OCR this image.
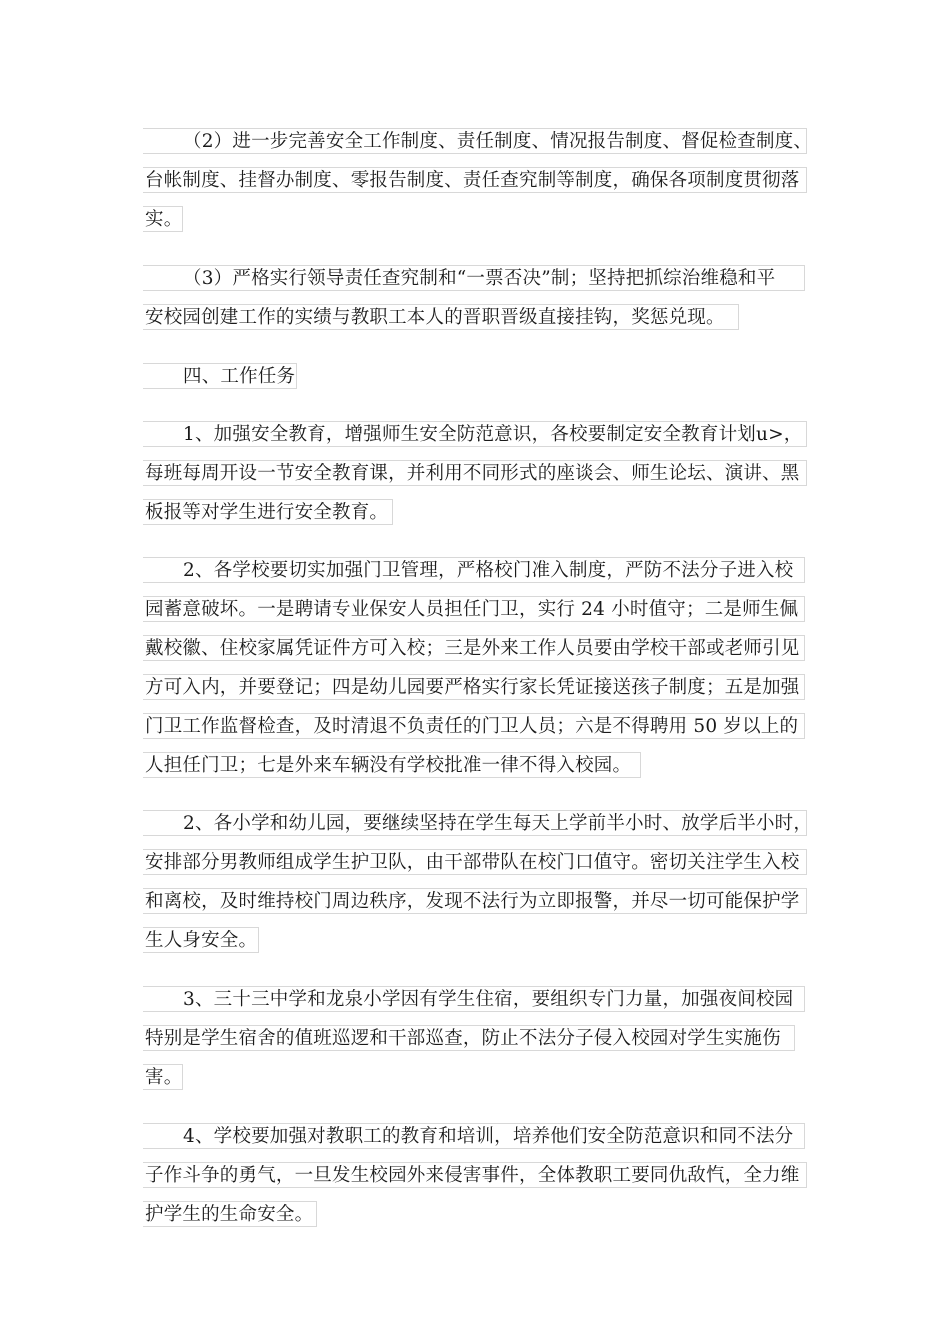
（2）进一步完善安全工作制度、责任制度、情况报告制度、督促检查制度、
台帐制度、挂督办制度、零报告制度、责任查究制等制度，确保各项制度贯彻落
实。
（3）严格实行领导责任查究制和“一票否决”制；坚持把抓综治维稳和平
安校园创建工作的实绩与教职工本人的晋职晋级直接挂钩，奖惩兑现。
四、工作任务
1、加强安全教育，增强师生安全防范意识，各校要制定安全教育计划u>，
每班每周开设一节安全教育课，并利用不同形式的座谈会、师生论坛、演讲、黑
板报等对学生进行安全教育。
2、各学校要切实加强门卫管理，严格校门准入制度，严防不法分子进入校
园蓄意破坏。一是聘请专业保安人员担任门卫，实行 24 小时值守；二是师生佩
戴校徽、住校家属凭证件方可入校；三是外来工作人员要由学校干部或老师引见
方可入内，并要登记；四是幼儿园要严格实行家长凭证接送孩子制度；五是加强
门卫工作监督检查，及时清退不负责任的门卫人员；六是不得聘用 50 岁以上的
人担任门卫；七是外来车辆没有学校批准一律不得入校园。
2、各小学和幼儿园，要继续坚持在学生每天上学前半小时、放学后半小时，
安排部分男教师组成学生护卫队，由干部带队在校门口值守。密切关注学生入校
和离校，及时维持校门周边秩序，发现不法行为立即报警，并尽一切可能保护学
生人身安全。
3、三十三中学和龙泉小学因有学生住宿，要组织专门力量，加强夜间校园
特别是学生宿舍的值班巡逻和干部巡查，防止不法分子侵入校园对学生实施伤
害。
4、学校要加强对教职工的教育和培训，培养他们安全防范意识和同不法分
子作斗争的勇气，一旦发生校园外来侵害事件，全体教职工要同仇敌忾，全力维
护学生的生命安全。
